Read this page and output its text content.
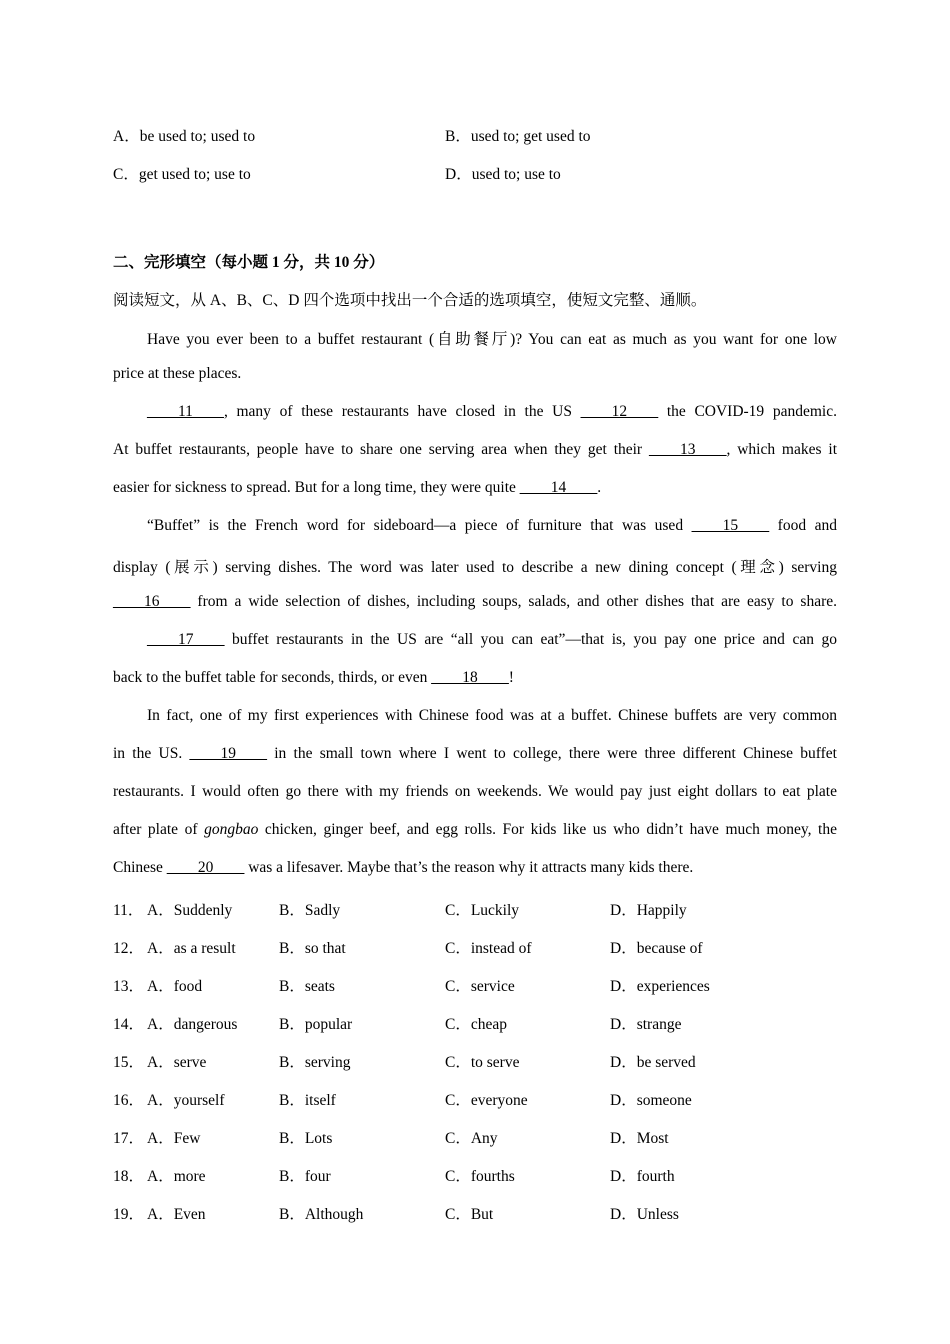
A．be used to; used to	B．used to; get used to
C．get used to; use to	D．used to; use to
二、完形填空（每小题 1 分，共 10 分）
阅读短文，从 A、B、C、D 四个选项中找出一个合适的选项填空，使短文完整、通顺。
Have you ever been to a buffet restaurant (自助餐厅)? You can eat as much as you want for one low
price at these places.
____11____, many of these restaurants have closed in the US ____12____ the COVID-19 pandemic.
At buffet restaurants, people have to share one serving area when they get their ____13____, which makes it
easier for sickness to spread. But for a long time, they were quite ____14____.
“Buffet” is the French word for sideboard—a piece of furniture that was used ____15____ food and
display (展示) serving dishes. The word was later used to describe a new dining concept (理念) serving
____16____ from a wide selection of dishes, including soups, salads, and other dishes that are easy to share.
____17____ buffet restaurants in the US are “all you can eat”—that is, you pay one price and can go
back to the buffet table for seconds, thirds, or even ____18____!
In fact, one of my first experiences with Chinese food was at a buffet. Chinese buffets are very common
in the US. ____19____ in the small town where I went to college, there were three different Chinese buffet
restaurants. I would often go there with my friends on weekends. We would pay just eight dollars to eat plate
after plate of gongbao chicken, ginger beef, and egg rolls. For kids like us who didn’t have much money, the
Chinese ____20____ was a lifesaver. Maybe that’s the reason why it attracts many kids there.
11． A．Suddenly	B．Sadly	C．Luckily	D．Happily
12． A．as a result	B．so that	C．instead of	D．because of
13． A．food	B．seats	C．service	D．experiences
14． A．dangerous	B．popular	C．cheap	D．strange
15． A．serve	B．serving	C．to serve	D．be served
16． A．yourself	B．itself	C．everyone	D．someone
17． A．Few	B．Lots	C．Any	D．Most
18． A．more	B．four	C．fourths	D．fourth
19． A．Even	B．Although	C．But	D．Unless
